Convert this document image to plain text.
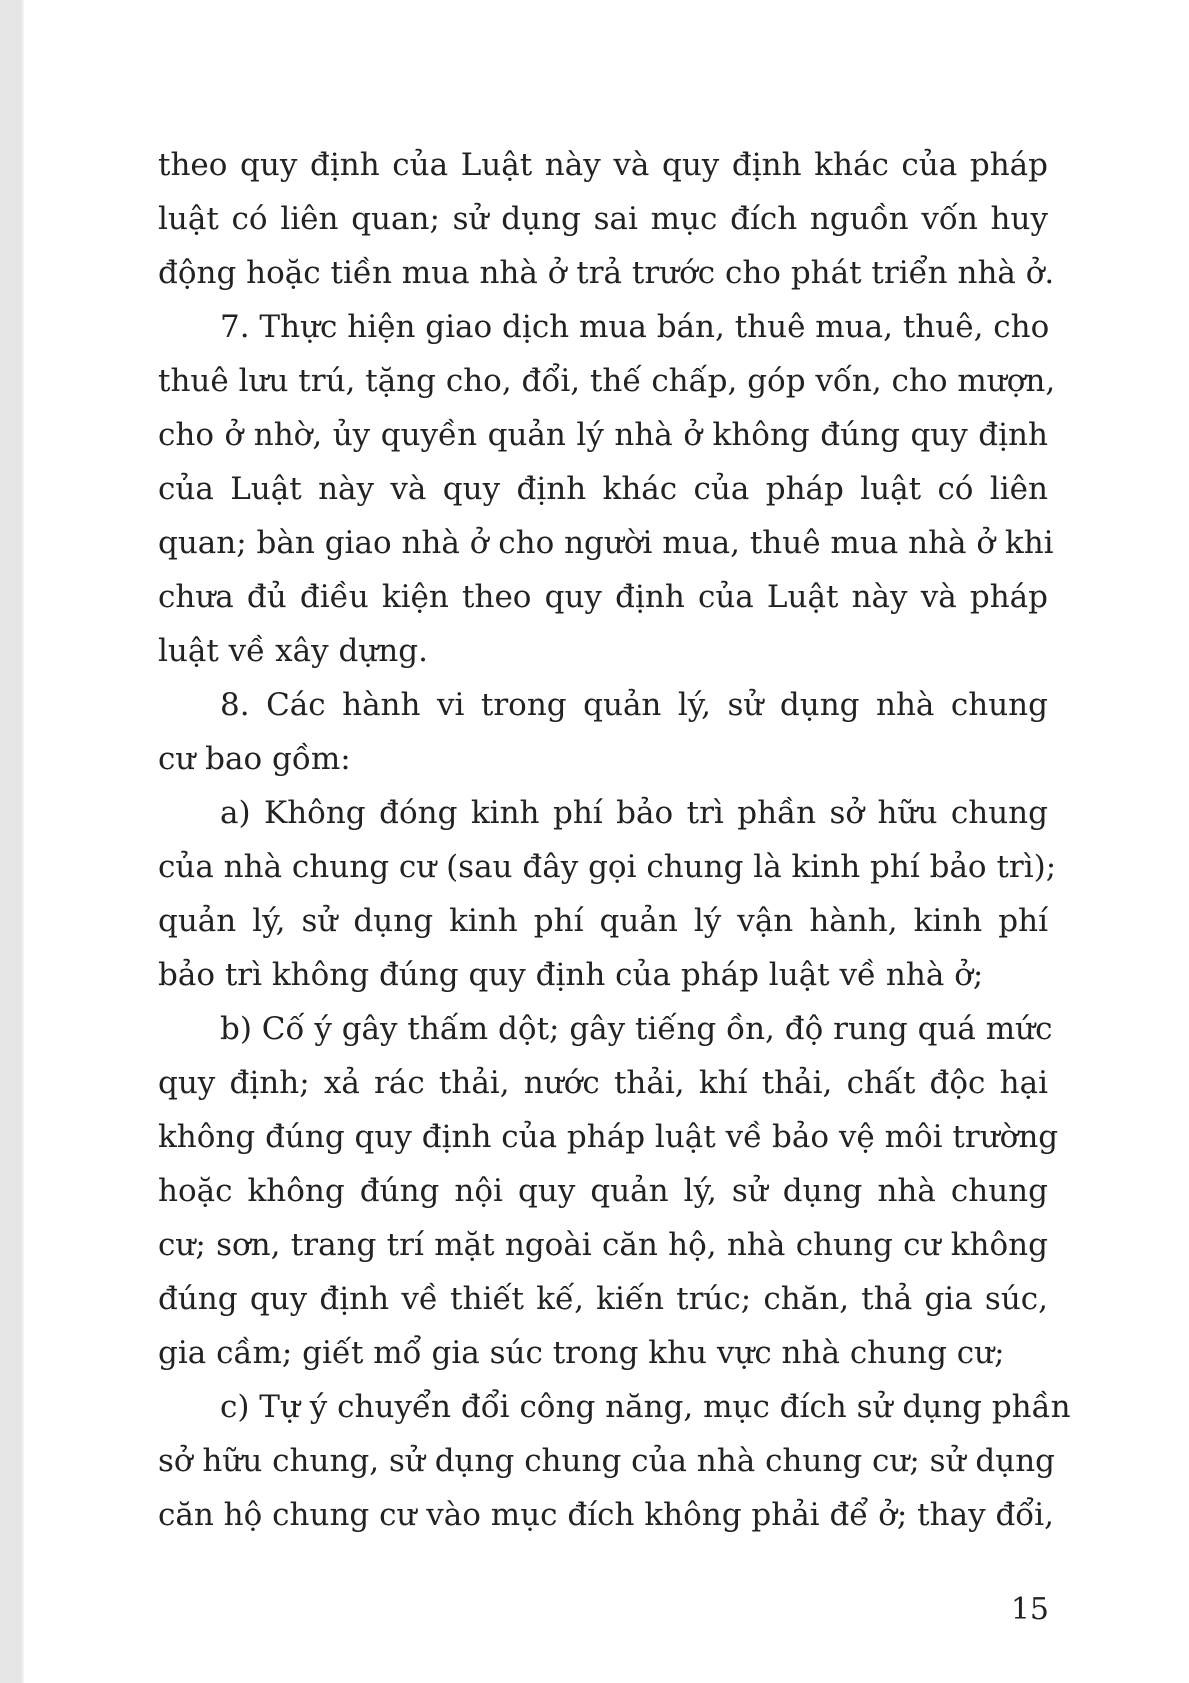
theo quy định của Luật này và quy định khác của pháp
luật có liên quan; sử dụng sai mục đích nguồn vốn huy
động hoặc tiền mua nhà ở trả trước cho phát triển nhà ở.
7. Thực hiện giao dịch mua bán, thuê mua, thuê, cho
thuê lưu trú, tặng cho, đổi, thế chấp, góp vốn, cho mượn,
cho ở nhờ, ủy quyền quản lý nhà ở không đúng quy định
của Luật này và quy định khác của pháp luật có liên
quan; bàn giao nhà ở cho người mua, thuê mua nhà ở khi
chưa đủ điều kiện theo quy định của Luật này và pháp
luật về xây dựng.
8. Các hành vi trong quản lý, sử dụng nhà chung
cư bao gồm:
a) Không đóng kinh phí bảo trì phần sở hữu chung
của nhà chung cư (sau đây gọi chung là kinh phí bảo trì);
quản lý, sử dụng kinh phí quản lý vận hành, kinh phí
bảo trì không đúng quy định của pháp luật về nhà ở;
b) Cố ý gây thấm dột; gây tiếng ồn, độ rung quá mức
quy định; xả rác thải, nước thải, khí thải, chất độc hại
không đúng quy định của pháp luật về bảo vệ môi trường
hoặc không đúng nội quy quản lý, sử dụng nhà chung
cư; sơn, trang trí mặt ngoài căn hộ, nhà chung cư không
đúng quy định về thiết kế, kiến trúc; chăn, thả gia súc,
gia cầm; giết mổ gia súc trong khu vực nhà chung cư;
c) Tự ý chuyển đổi công năng, mục đích sử dụng phần
sở hữu chung, sử dụng chung của nhà chung cư; sử dụng
căn hộ chung cư vào mục đích không phải để ở; thay đổi,
15
